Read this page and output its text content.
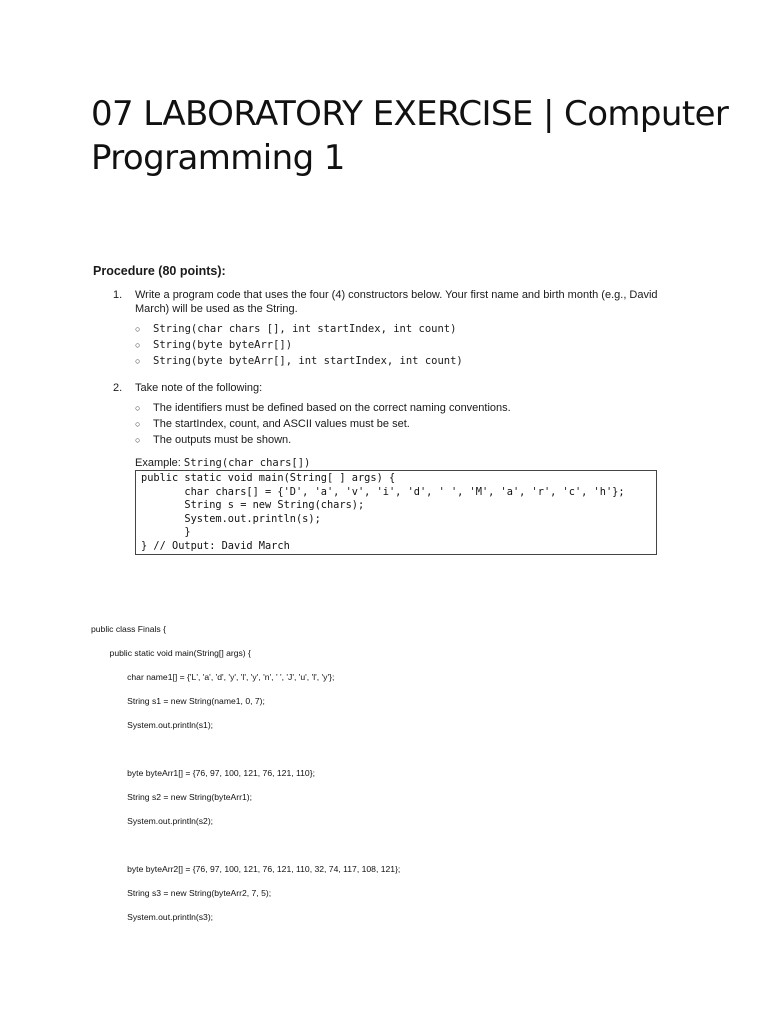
07 LABORATORY EXERCISE | Computer Programming 1
Procedure (80 points):
1.	Write a program code that uses the four (4) constructors below. Your first name and birth month (e.g., David March) will be used as the String.
○	String(char chars [], int startIndex, int count)
○	String(byte byteArr[])
○	String(byte byteArr[], int startIndex, int count)
2.	Take note of the following:
○	The identifiers must be defined based on the correct naming conventions.
○	The startIndex, count, and ASCII values must be set.
○	The outputs must be shown.
Example: String(char chars[])
public static void main(String[ ] args) {
char chars[] = {'D', 'a', 'v', 'i', 'd', ' ', 'M', 'a', 'r', 'c', 'h'};
String s = new String(chars);
System.out.println(s);
}
} // Output: David March
public class Finals {
public static void main(String[] args) {
char name1[] = {'L', 'a', 'd', 'y', 'l', 'y', 'n', ' ', 'J', 'u', 'l', 'y'};
String s1 = new String(name1, 0, 7);
System.out.println(s1);
byte byteArr1[] = {76, 97, 100, 121, 76, 121, 110};
String s2 = new String(byteArr1);
System.out.println(s2);
byte byteArr2[] = {76, 97, 100, 121, 76, 121, 110, 32, 74, 117, 108, 121};
String s3 = new String(byteArr2, 7, 5);
System.out.println(s3);
